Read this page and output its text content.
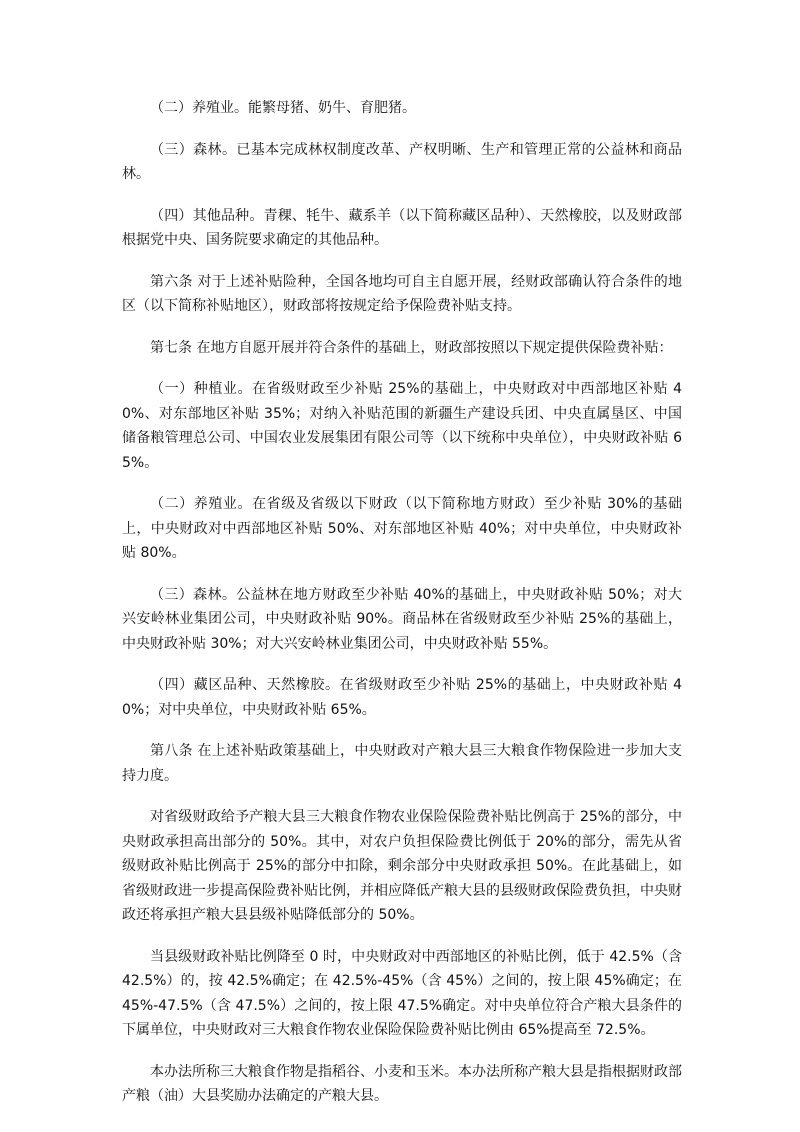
（二）养殖业。能繁母猪、奶牛、育肥猪。

（三）森林。已基本完成林权制度改革、产权明晰、生产和管理正常的公益林和商品林。

（四）其他品种。青稞、牦牛、藏系羊（以下简称藏区品种）、天然橡胶，以及财政部根据党中央、国务院要求确定的其他品种。

第六条 对于上述补贴险种，全国各地均可自主自愿开展，经财政部确认符合条件的地区（以下简称补贴地区），财政部将按规定给予保险费补贴支持。

第七条 在地方自愿开展并符合条件的基础上，财政部按照以下规定提供保险费补贴：

（一）种植业。在省级财政至少补贴 25%的基础上，中央财政对中西部地区补贴 40%、对东部地区补贴 35%；对纳入补贴范围的新疆生产建设兵团、中央直属垦区、中国储备粮管理总公司、中国农业发展集团有限公司等（以下统称中央单位），中央财政补贴 65%。

（二）养殖业。在省级及省级以下财政（以下简称地方财政）至少补贴 30%的基础上，中央财政对中西部地区补贴 50%、对东部地区补贴 40%；对中央单位，中央财政补贴 80%。

（三）森林。公益林在地方财政至少补贴 40%的基础上，中央财政补贴 50%；对大兴安岭林业集团公司，中央财政补贴 90%。商品林在省级财政至少补贴 25%的基础上，中央财政补贴 30%；对大兴安岭林业集团公司，中央财政补贴 55%。

（四）藏区品种、天然橡胶。在省级财政至少补贴 25%的基础上，中央财政补贴 40%；对中央单位，中央财政补贴 65%。

第八条 在上述补贴政策基础上，中央财政对产粮大县三大粮食作物保险进一步加大支持力度。

对省级财政给予产粮大县三大粮食作物农业保险保险费补贴比例高于 25%的部分，中央财政承担高出部分的 50%。其中，对农户负担保险费比例低于 20%的部分，需先从省级财政补贴比例高于 25%的部分中扣除，剩余部分中央财政承担 50%。在此基础上，如省级财政进一步提高保险费补贴比例，并相应降低产粮大县的县级财政保险费负担，中央财政还将承担产粮大县县级补贴降低部分的 50%。

当县级财政补贴比例降至 0 时，中央财政对中西部地区的补贴比例，低于 42.5%（含 42.5%）的，按 42.5%确定；在 42.5%-45%（含 45%）之间的，按上限 45%确定；在 45%-47.5%（含 47.5%）之间的，按上限 47.5%确定。对中央单位符合产粮大县条件的下属单位，中央财政对三大粮食作物农业保险保险费补贴比例由 65%提高至 72.5%。

本办法所称三大粮食作物是指稻谷、小麦和玉米。本办法所称产粮大县是指根据财政部产粮（油）大县奖励办法确定的产粮大县。
